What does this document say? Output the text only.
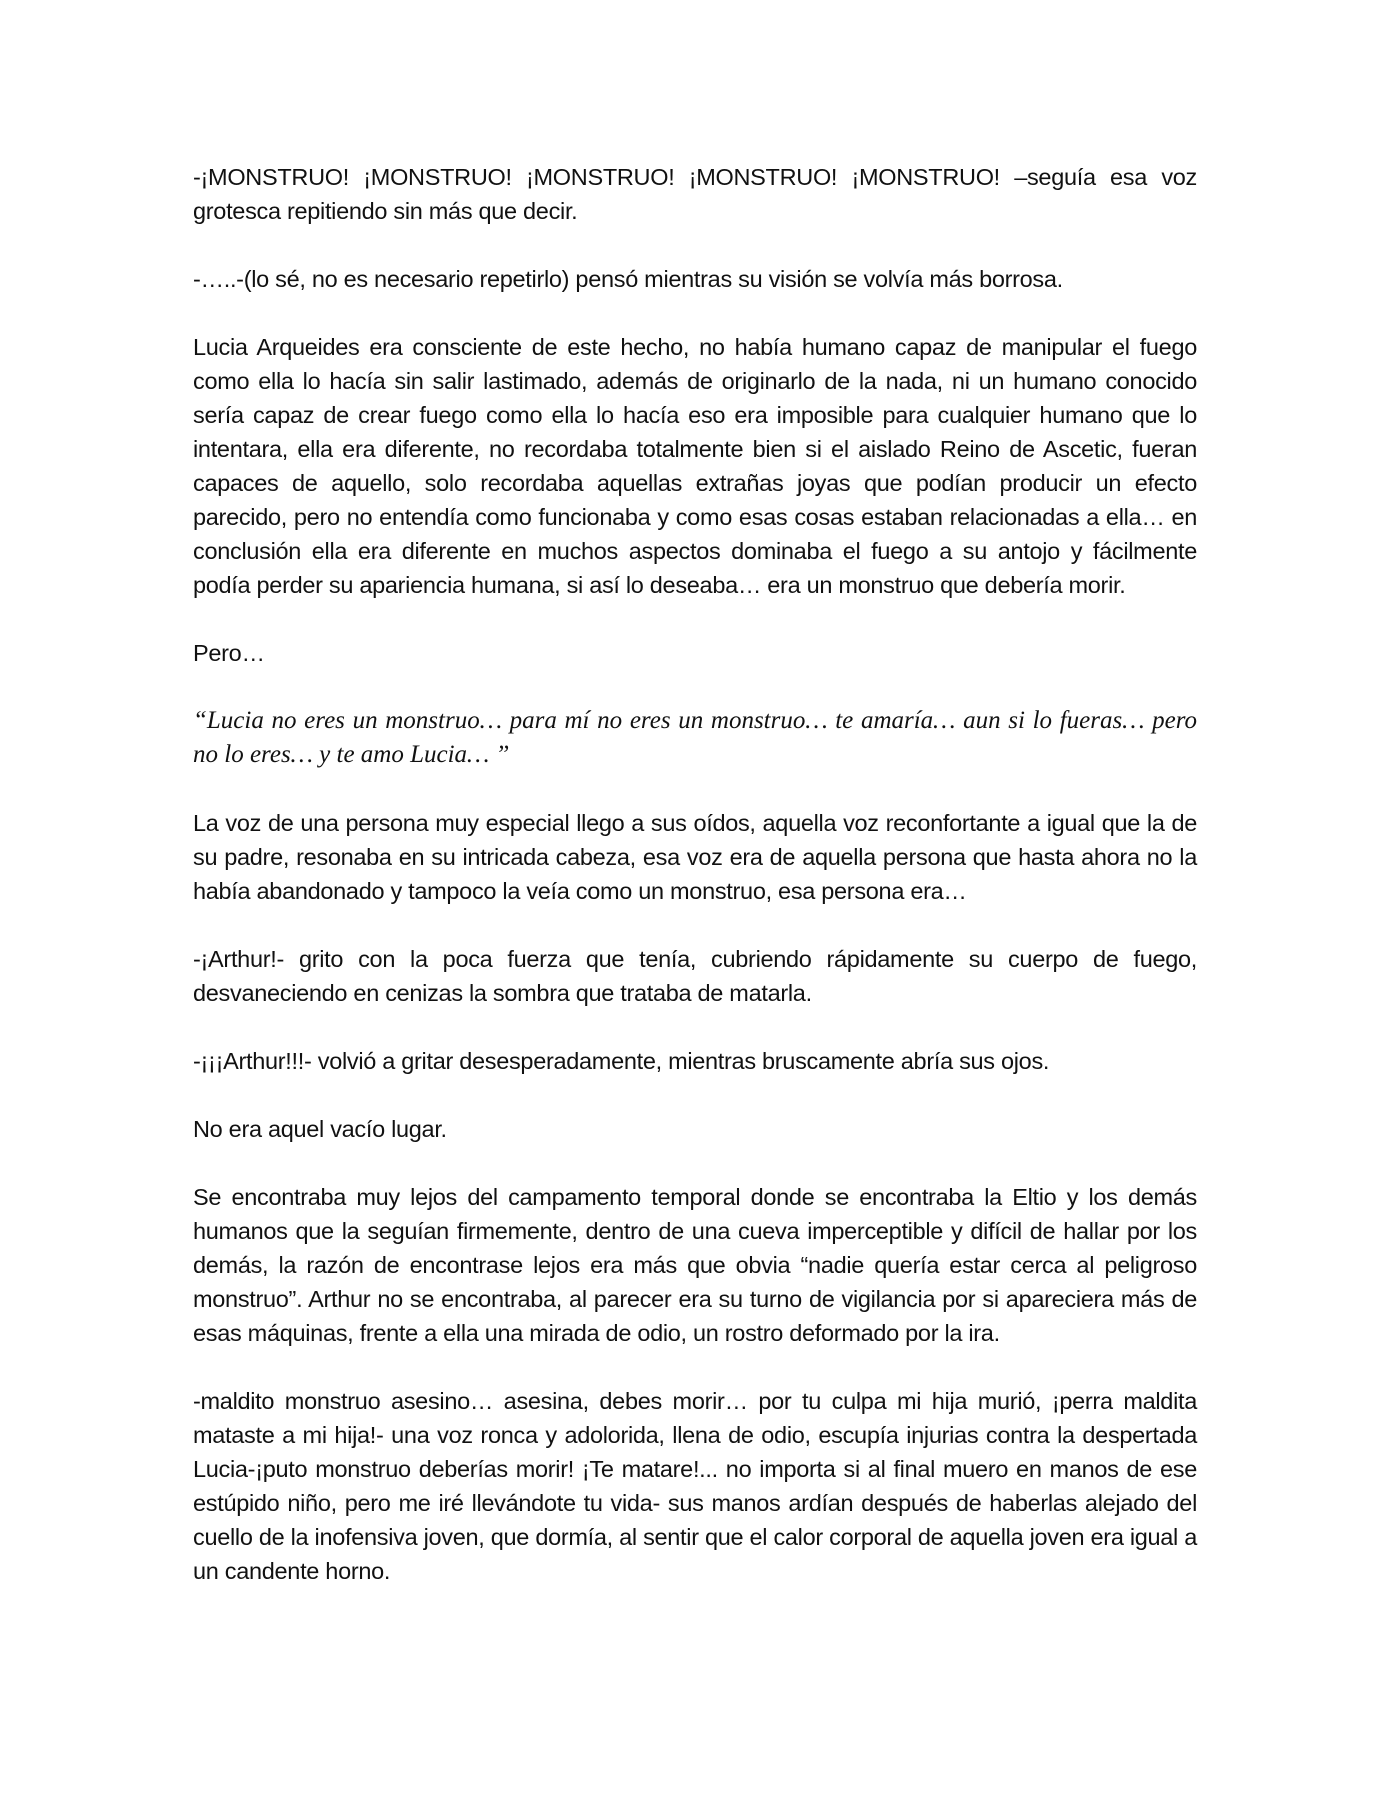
-¡MONSTRUO! ¡MONSTRUO! ¡MONSTRUO! ¡MONSTRUO! ¡MONSTRUO! –seguía esa voz grotesca repitiendo sin más que decir.

-…..-(lo sé, no es necesario repetirlo) pensó mientras su visión se volvía más borrosa.

Lucia Arqueides era consciente de este hecho, no había humano capaz de manipular el fuego como ella lo hacía sin salir lastimado, además de originarlo de la nada, ni un humano conocido sería capaz de crear fuego como ella lo hacía eso era imposible para cualquier humano que lo intentara, ella era diferente, no recordaba totalmente bien si el aislado Reino de Ascetic, fueran capaces de aquello, solo recordaba aquellas extrañas joyas que podían producir un efecto parecido, pero no entendía como funcionaba y como esas cosas estaban relacionadas a ella… en conclusión ella era diferente en muchos aspectos dominaba el fuego a su antojo y fácilmente podía perder su apariencia humana, si así lo deseaba… era un monstruo que debería morir.

Pero…

“Lucia no eres un monstruo… para mí no eres un monstruo… te amaría… aun si lo fueras… pero no lo eres… y te amo Lucia… ”

La voz de una persona muy especial llego a sus oídos, aquella voz reconfortante a igual que la de su padre, resonaba en su intricada cabeza, esa voz era de aquella persona que hasta ahora no la había abandonado y tampoco la veía como un monstruo, esa persona era…

-¡Arthur!- grito con la poca fuerza que tenía, cubriendo rápidamente su cuerpo de fuego, desvaneciendo en cenizas la sombra que trataba de matarla.

-¡¡¡Arthur!!!- volvió a gritar desesperadamente, mientras bruscamente abría sus ojos.

No era aquel vacío lugar.

Se encontraba muy lejos del campamento temporal donde se encontraba la Eltio y los demás humanos que la seguían firmemente, dentro de una cueva imperceptible y difícil de hallar por los demás, la razón de encontrase lejos era más que obvia “nadie quería estar cerca al peligroso monstruo”. Arthur no se encontraba, al parecer era su turno de vigilancia por si apareciera más de esas máquinas, frente a ella una mirada de odio, un rostro deformado por la ira.

-maldito monstruo asesino… asesina, debes morir… por tu culpa mi hija murió, ¡perra maldita mataste a mi hija!- una voz ronca y adolorida, llena de odio, escupía injurias contra la despertada Lucia-¡puto monstruo deberías morir! ¡Te matare!... no importa si al final muero en manos de ese estúpido niño, pero me iré llevándote tu vida- sus manos ardían después de haberlas alejado del cuello de la inofensiva joven, que dormía, al sentir que el calor corporal de aquella joven era igual a un candente horno.
